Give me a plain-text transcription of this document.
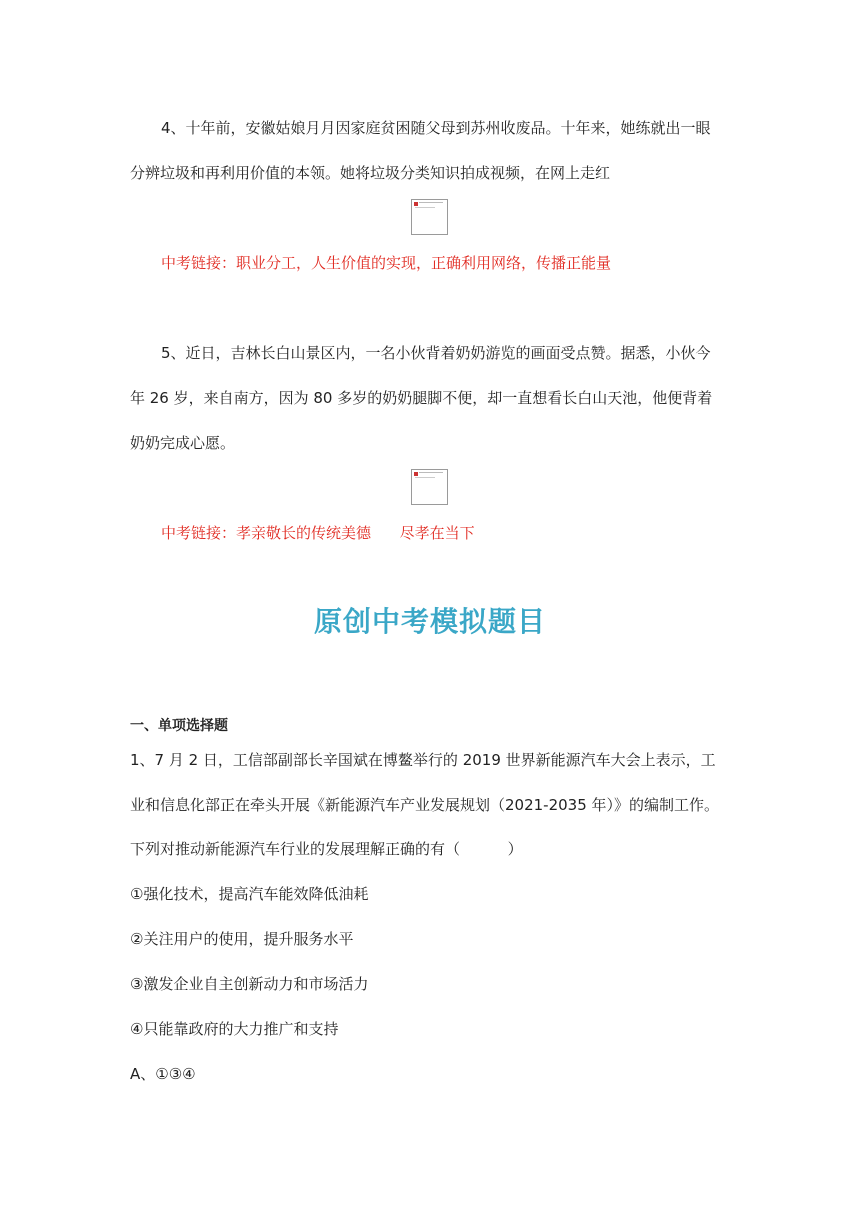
4、十年前，安徽姑娘月月因家庭贫困随父母到苏州收废品。十年来，她练就出一眼
分辨垃圾和再利用价值的本领。她将垃圾分类知识拍成视频，在网上走红
中考链接：职业分工，人生价值的实现，正确利用网络，传播正能量
5、近日，吉林长白山景区内，一名小伙背着奶奶游览的画面受点赞。据悉，小伙今
年 26 岁，来自南方，因为 80 多岁的奶奶腿脚不便，却一直想看长白山天池，他便背着
奶奶完成心愿。
中考链接：孝亲敬长的传统美德      尽孝在当下
原创中考模拟题目
一、单项选择题
1、7 月 2 日，工信部副部长辛国斌在博鳌举行的 2019 世界新能源汽车大会上表示，工
业和信息化部正在牵头开展《新能源汽车产业发展规划（2021-2035 年）》的编制工作。
下列对推动新能源汽车行业的发展理解正确的有（          ）
①强化技术，提高汽车能效降低油耗
②关注用户的使用，提升服务水平
③激发企业自主创新动力和市场活力
④只能靠政府的大力推广和支持
A、①③④
